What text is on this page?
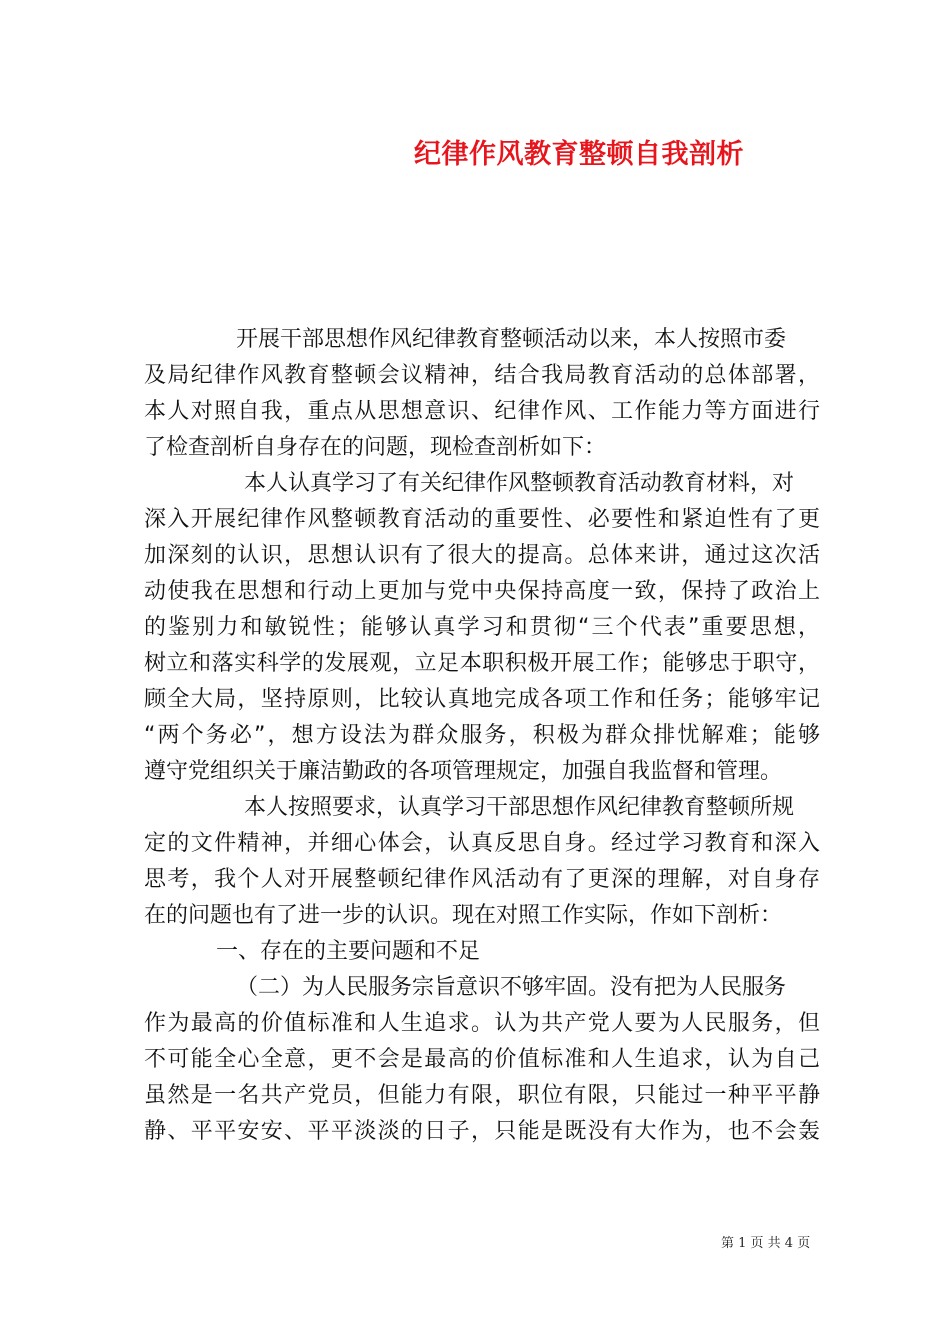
纪律作风教育整顿自我剖析
开展干部思想作风纪律教育整顿活动以来，本人按照市委
及局纪律作风教育整顿会议精神，结合我局教育活动的总体部署，
本人对照自我，重点从思想意识、纪律作风、工作能力等方面进行
了检查剖析自身存在的问题，现检查剖析如下：
本人认真学习了有关纪律作风整顿教育活动教育材料，对
深入开展纪律作风整顿教育活动的重要性、必要性和紧迫性有了更
加深刻的认识，思想认识有了很大的提高。总体来讲，通过这次活
动使我在思想和行动上更加与党中央保持高度一致，保持了政治上
的鉴别力和敏锐性；能够认真学习和贯彻“三个代表”重要思想，
树立和落实科学的发展观，立足本职积极开展工作；能够忠于职守，
顾全大局，坚持原则，比较认真地完成各项工作和任务；能够牢记
“两个务必”，想方设法为群众服务，积极为群众排忧解难；能够
遵守党组织关于廉洁勤政的各项管理规定，加强自我监督和管理。
本人按照要求，认真学习干部思想作风纪律教育整顿所规
定的文件精神，并细心体会，认真反思自身。经过学习教育和深入
思考，我个人对开展整顿纪律作风活动有了更深的理解，对自身存
在的问题也有了进一步的认识。现在对照工作实际，作如下剖析：
一、存在的主要问题和不足
（二）为人民服务宗旨意识不够牢固。没有把为人民服务
作为最高的价值标准和人生追求。认为共产党人要为人民服务，但
不可能全心全意，更不会是最高的价值标准和人生追求，认为自己
虽然是一名共产党员，但能力有限，职位有限，只能过一种平平静
静、平平安安、平平淡淡的日子，只能是既没有大作为，也不会轰
第 1 页 共 4 页
